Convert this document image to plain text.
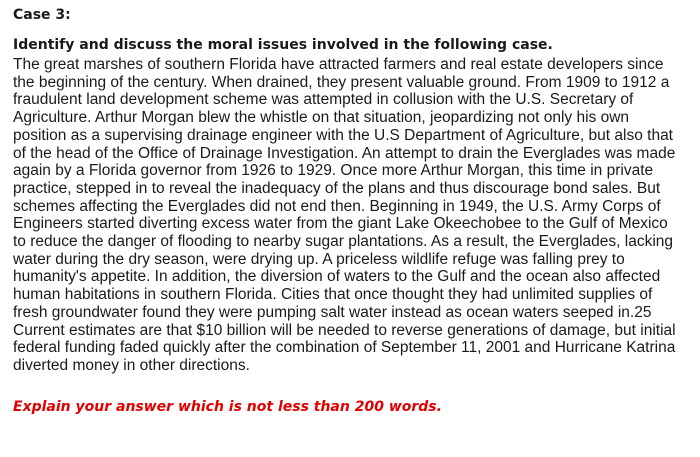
Case 3:

Identify and discuss the moral issues involved in the following case.

The great marshes of southern Florida have attracted farmers and real estate developers since
the beginning of the century. When drained, they present valuable ground. From 1909 to 1912 a
fraudulent land development scheme was attempted in collusion with the U.S. Secretary of
Agriculture. Arthur Morgan blew the whistle on that situation, jeopardizing not only his own
position as a supervising drainage engineer with the U.S Department of Agriculture, but also that
of the head of the Office of Drainage Investigation. An attempt to drain the Everglades was made
again by a Florida governor from 1926 to 1929. Once more Arthur Morgan, this time in private
practice, stepped in to reveal the inadequacy of the plans and thus discourage bond sales. But
schemes affecting the Everglades did not end then. Beginning in 1949, the U.S. Army Corps of
Engineers started diverting excess water from the giant Lake Okeechobee to the Gulf of Mexico
to reduce the danger of flooding to nearby sugar plantations. As a result, the Everglades, lacking
water during the dry season, were drying up. A priceless wildlife refuge was falling prey to
humanity's appetite. In addition, the diversion of waters to the Gulf and the ocean also affected
human habitations in southern Florida. Cities that once thought they had unlimited supplies of
fresh groundwater found they were pumping salt water instead as ocean waters seeped in.25
Current estimates are that $10 billion will be needed to reverse generations of damage, but initial
federal funding faded quickly after the combination of September 11, 2001 and Hurricane Katrina
diverted money in other directions.

Explain your answer which is not less than 200 words.
